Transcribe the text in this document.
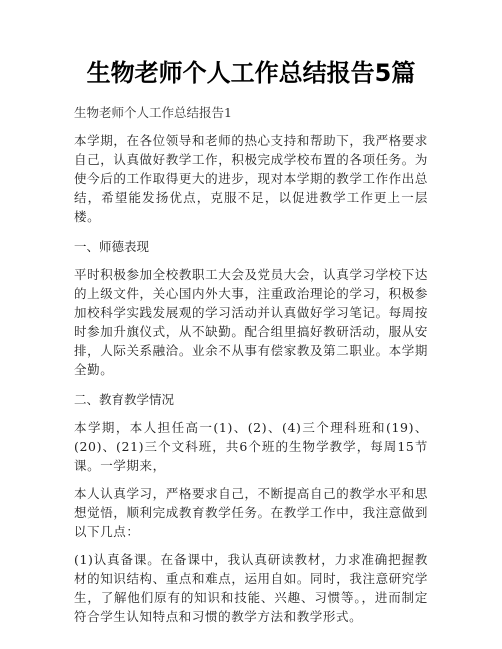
生物老师个人工作总结报告5篇
生物老师个人工作总结报告1

本学期，在各位领导和老师的热心支持和帮助下，我严格要求自己，认真做好教学工作，积极完成学校布置的各项任务。为使今后的工作取得更大的进步，现对本学期的教学工作作出总结，希望能发扬优点，克服不足，以促进教学工作更上一层楼。

一、师德表现

平时积极参加全校教职工大会及党员大会，认真学习学校下达的上级文件，关心国内外大事，注重政治理论的学习，积极参加校科学实践发展观的学习活动并认真做好学习笔记。每周按时参加升旗仪式，从不缺勤。配合组里搞好教研活动，服从安排，人际关系融洽。业余不从事有偿家教及第二职业。本学期全勤。

二、教育教学情况

本学期，本人担任高一(1)、(2)、(4)三个理科班和(19)、(20)、(21)三个文科班，共6个班的生物学教学，每周15节课。一学期来，

本人认真学习，严格要求自己，不断提高自己的教学水平和思想觉悟，顺利完成教育教学任务。在教学工作中，我注意做到以下几点：

(1)认真备课。在备课中，我认真研读教材，力求准确把握教材的知识结构、重点和难点，运用自如。同时，我注意研究学生，了解他们原有的知识和技能、兴趣、习惯等。，进而制定符合学生认知特点和习惯的教学方法和教学形式。
